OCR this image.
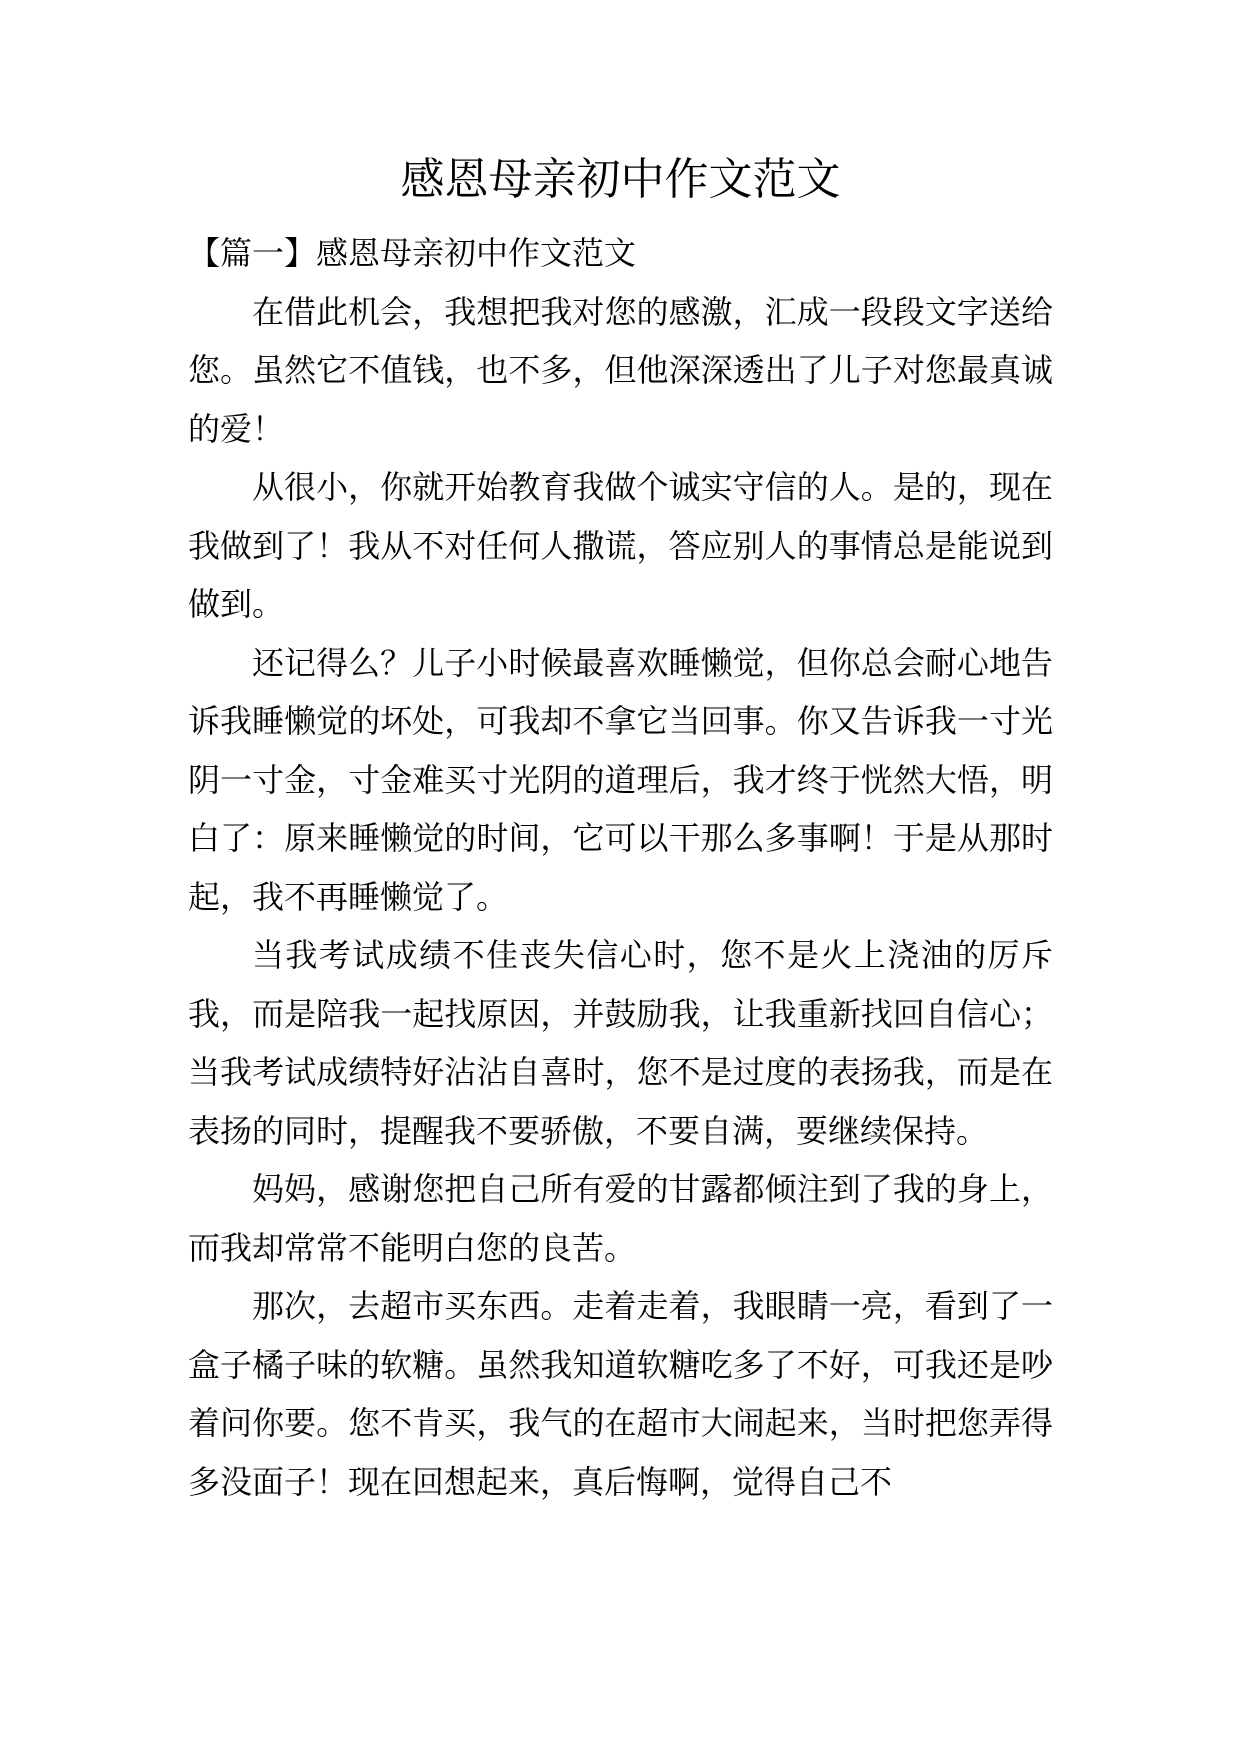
感恩母亲初中作文范文
【篇一】感恩母亲初中作文范文

在借此机会，我想把我对您的感激，汇成一段段文字送给您。虽然它不值钱，也不多，但他深深透出了儿子对您最真诚的爱！

从很小，你就开始教育我做个诚实守信的人。是的，现在我做到了！我从不对任何人撒谎，答应别人的事情总是能说到做到。

还记得么？儿子小时候最喜欢睡懒觉，但你总会耐心地告诉我睡懒觉的坏处，可我却不拿它当回事。你又告诉我一寸光阴一寸金，寸金难买寸光阴的道理后，我才终于恍然大悟，明白了：原来睡懒觉的时间，它可以干那么多事啊！于是从那时起，我不再睡懒觉了。

当我考试成绩不佳丧失信心时，您不是火上浇油的厉斥我，而是陪我一起找原因，并鼓励我，让我重新找回自信心；当我考试成绩特好沾沾自喜时，您不是过度的表扬我，而是在表扬的同时，提醒我不要骄傲，不要自满，要继续保持。

妈妈，感谢您把自己所有爱的甘露都倾注到了我的身上，而我却常常不能明白您的良苦。

那次，去超市买东西。走着走着，我眼睛一亮，看到了一盒子橘子味的软糖。虽然我知道软糖吃多了不好，可我还是吵着问你要。您不肯买，我气的在超市大闹起来，当时把您弄得多没面子！现在回想起来，真后悔啊，觉得自己不
